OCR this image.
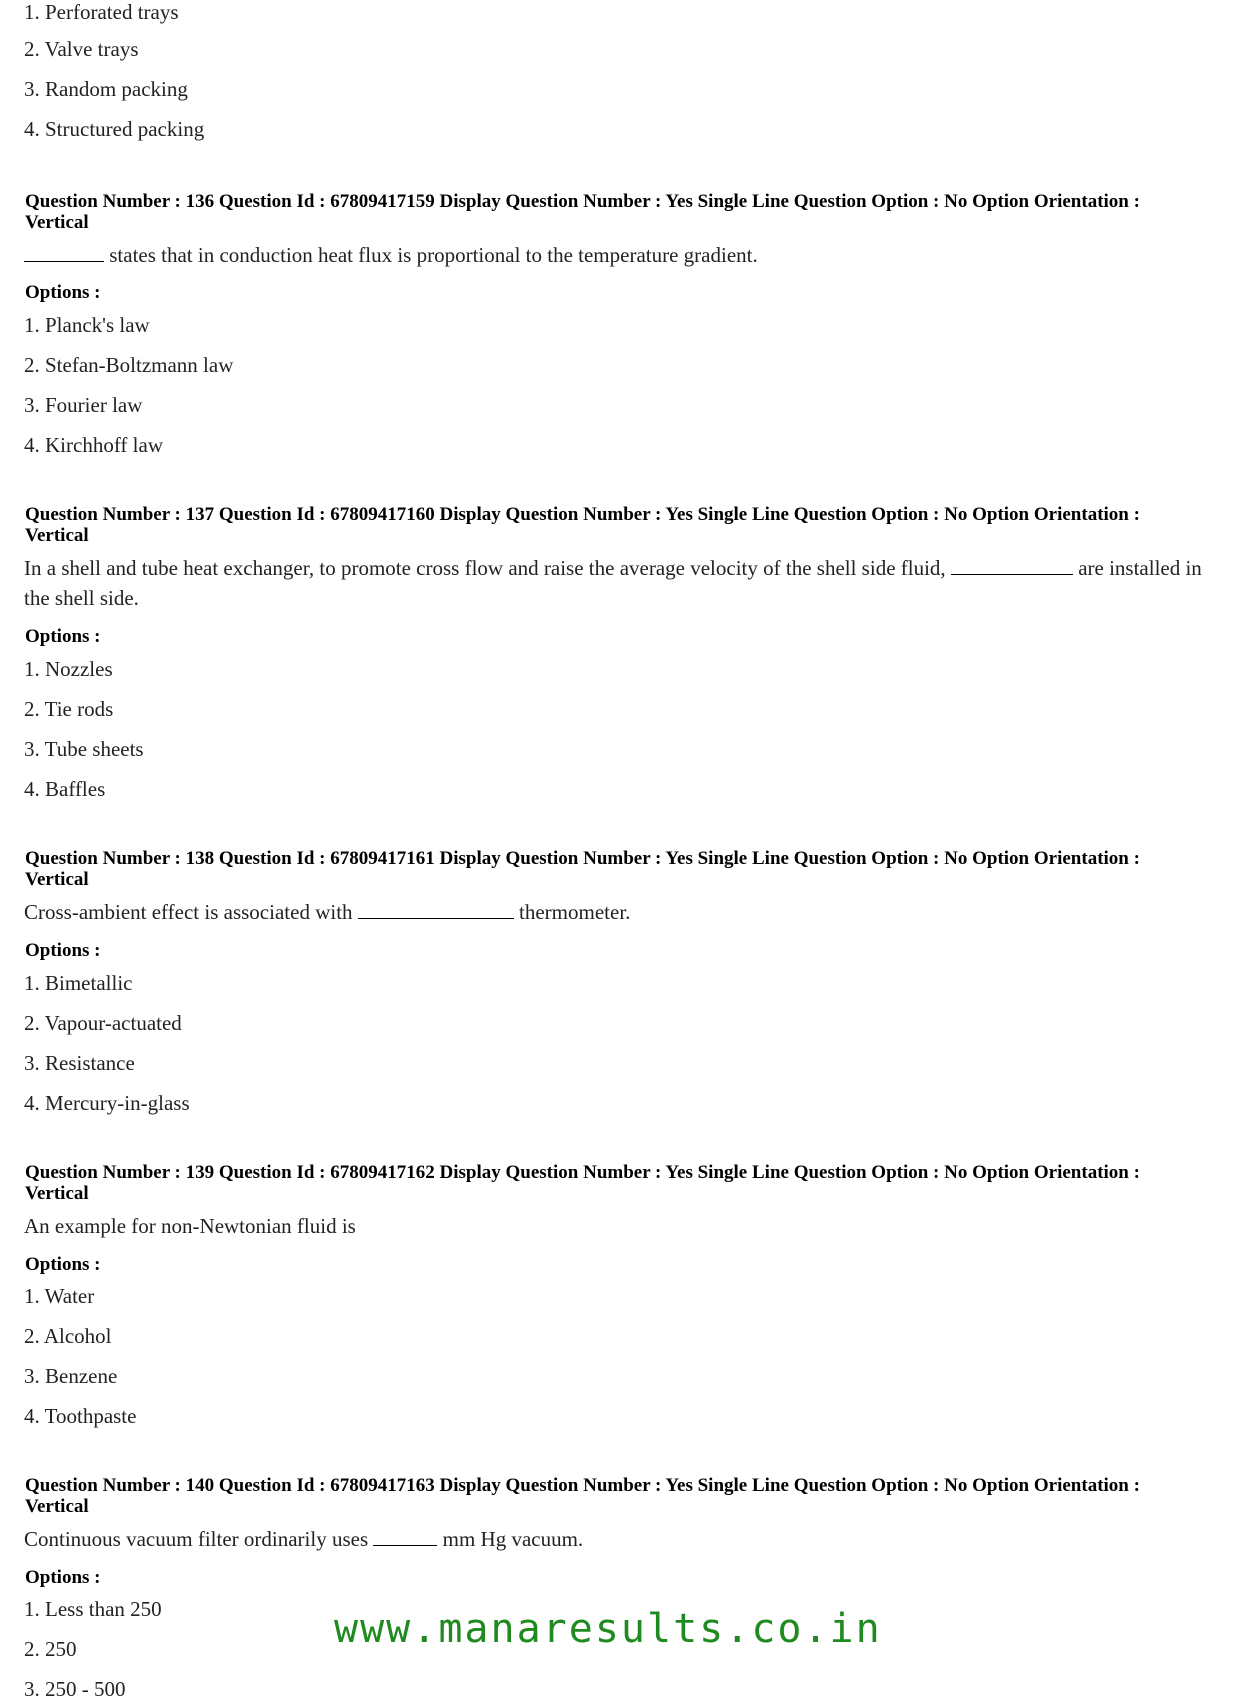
1. Perforated trays
2. Valve trays
3. Random packing
4. Structured packing
Question Number : 136 Question Id : 67809417159 Display Question Number : Yes Single Line Question Option : No Option Orientation : Vertical
states that in conduction heat flux is proportional to the temperature gradient.
Options :
1. Planck's law
2. Stefan-Boltzmann law
3. Fourier law
4. Kirchhoff law
Question Number : 137 Question Id : 67809417160 Display Question Number : Yes Single Line Question Option : No Option Orientation : Vertical
In a shell and tube heat exchanger, to promote cross flow and raise the average velocity of the shell side fluid,	are installed in the shell side.
Options :
1. Nozzles
2. Tie rods
3. Tube sheets
4. Baffles
Question Number : 138 Question Id : 67809417161 Display Question Number : Yes Single Line Question Option : No Option Orientation : Vertical
Cross-ambient effect is associated with	thermometer.
Options :
1. Bimetallic
2. Vapour-actuated
3. Resistance
4. Mercury-in-glass
Question Number : 139 Question Id : 67809417162 Display Question Number : Yes Single Line Question Option : No Option Orientation : Vertical
An example for non-Newtonian fluid is
Options :
1. Water
2. Alcohol
3. Benzene
4. Toothpaste
Question Number : 140 Question Id : 67809417163 Display Question Number : Yes Single Line Question Option : No Option Orientation : Vertical
Continuous vacuum filter ordinarily uses	mm Hg vacuum.
Options :
1. Less than 250
2. 250
3. 250 - 500
www.manaresults.co.in
